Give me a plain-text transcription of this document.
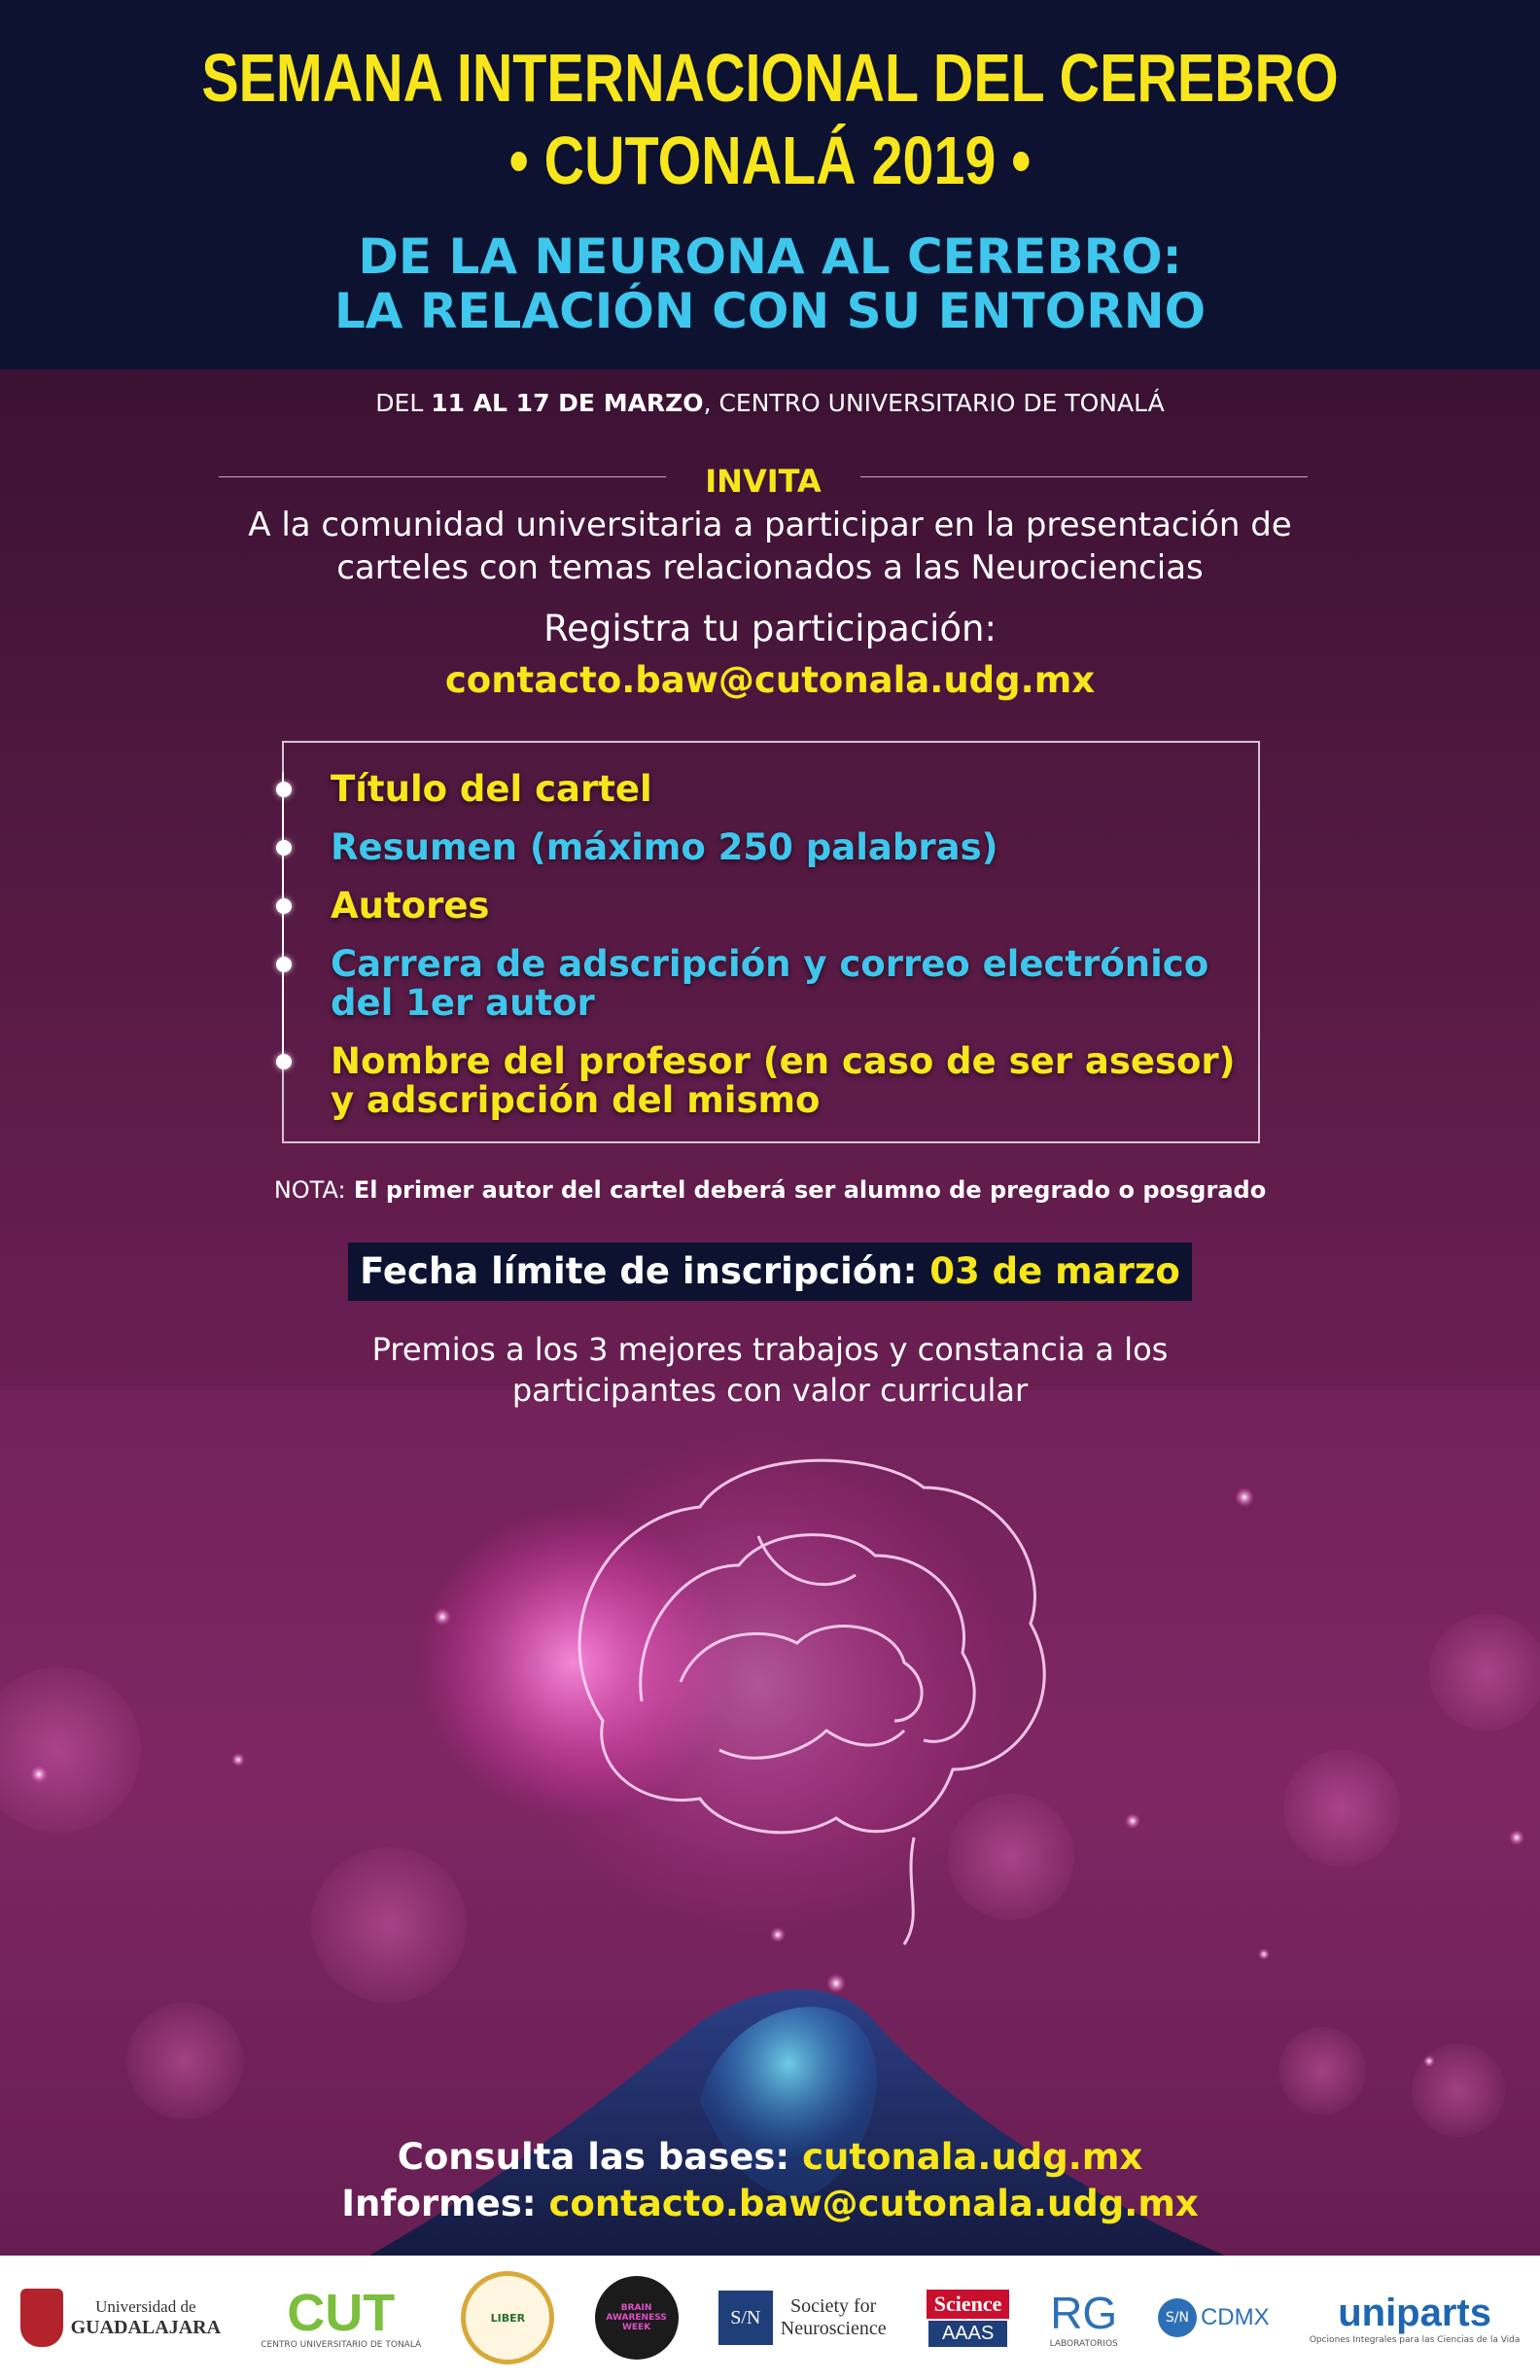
SEMANA INTERNACIONAL DEL CEREBRO
• CUTONALÁ 2019 •
DE LA NEURONA AL CEREBRO:
LA RELACIÓN CON SU ENTORNO
DEL 11 AL 17 DE MARZO, CENTRO UNIVERSITARIO DE TONALÁ
INVITA
A la comunidad universitaria a participar en la presentación de
carteles con temas relacionados a las Neurociencias
Registra tu participación:
contacto.baw@cutonala.udg.mx
Título del cartel
Resumen (máximo 250 palabras)
Autores
Carrera de adscripción y correo electrónico
del 1er autor
Nombre del profesor (en caso de ser asesor)
y adscripción del mismo
NOTA: El primer autor del cartel deberá ser alumno de pregrado o posgrado
Fecha límite de inscripción: 03 de marzo
Premios a los 3 mejores trabajos y constancia a los
participantes con valor curricular
Consulta las bases: cutonala.udg.mx
Informes: contacto.baw@cutonala.udg.mx
Universidad de
GUADALAJARA CUT
CENTRO UNIVERSITARIO DE TONALÁ
LIBER
BRAIN AWARENESS WEEK	S/N
Society for
Neuroscience
Science
AAAS	RG
LABORATORIOS
S/N CDMX uniparts
Opciones Integrales para las Ciencias de la Vida
